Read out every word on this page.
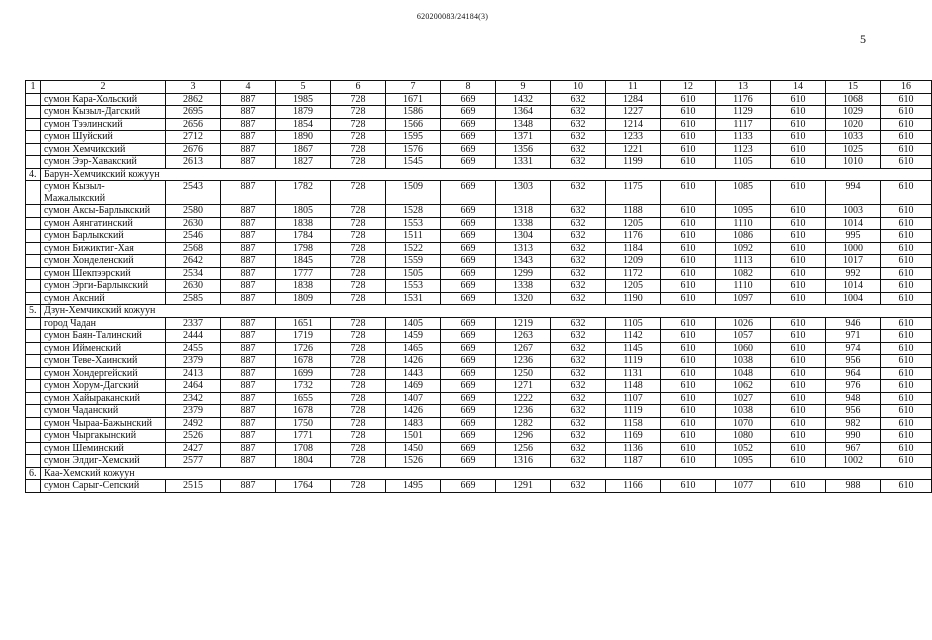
620200083/24184(3)
5
1	2	3	4	5	6	7	8	9	10	11	12	13	14	15	16
	сумон Кара-Хольский	2862	887	1985	728	1671	669	1432	632	1284	610	1176	610	1068	610
	сумон Кызыл-Дагский	2695	887	1879	728	1586	669	1364	632	1227	610	1129	610	1029	610
	сумон Тээлинский	2656	887	1854	728	1566	669	1348	632	1214	610	1117	610	1020	610
	сумон Шуйский	2712	887	1890	728	1595	669	1371	632	1233	610	1133	610	1033	610
	сумон Хемчикский	2676	887	1867	728	1576	669	1356	632	1221	610	1123	610	1025	610
	сумон Ээр-Хавакский	2613	887	1827	728	1545	669	1331	632	1199	610	1105	610	1010	610
4.	Барун-Хемчикский кожуун														
	сумон Кызыл-Мажалыкский	2543	887	1782	728	1509	669	1303	632	1175	610	1085	610	994	610
	сумон Аксы-Барлыкский	2580	887	1805	728	1528	669	1318	632	1188	610	1095	610	1003	610
	сумон Аянгатинский	2630	887	1838	728	1553	669	1338	632	1205	610	1110	610	1014	610
	сумон Барлыкский	2546	887	1784	728	1511	669	1304	632	1176	610	1086	610	995	610
	сумон Бижиктиг-Хая	2568	887	1798	728	1522	669	1313	632	1184	610	1092	610	1000	610
	сумон Хонделенский	2642	887	1845	728	1559	669	1343	632	1209	610	1113	610	1017	610
	сумон Шекпээрский	2534	887	1777	728	1505	669	1299	632	1172	610	1082	610	992	610
	сумон Эрги-Барлыкский	2630	887	1838	728	1553	669	1338	632	1205	610	1110	610	1014	610
	сумон Аксний	2585	887	1809	728	1531	669	1320	632	1190	610	1097	610	1004	610
5.	Дзун-Хемчикский кожуун														
	город Чадан	2337	887	1651	728	1405	669	1219	632	1105	610	1026	610	946	610
	сумон Баян-Талинский	2444	887	1719	728	1459	669	1263	632	1142	610	1057	610	971	610
	сумон Ийменский	2455	887	1726	728	1465	669	1267	632	1145	610	1060	610	974	610
	сумон Теве-Хаинский	2379	887	1678	728	1426	669	1236	632	1119	610	1038	610	956	610
	сумон Хондергейский	2413	887	1699	728	1443	669	1250	632	1131	610	1048	610	964	610
	сумон Хорум-Дагский	2464	887	1732	728	1469	669	1271	632	1148	610	1062	610	976	610
	сумон Хайыраканский	2342	887	1655	728	1407	669	1222	632	1107	610	1027	610	948	610
	сумон Чаданский	2379	887	1678	728	1426	669	1236	632	1119	610	1038	610	956	610
	сумон Чыраа-Бажынский	2492	887	1750	728	1483	669	1282	632	1158	610	1070	610	982	610
	сумон Чыргакынский	2526	887	1771	728	1501	669	1296	632	1169	610	1080	610	990	610
	сумон Шеминский	2427	887	1708	728	1450	669	1256	632	1136	610	1052	610	967	610
	сумон Элдиг-Хемский	2577	887	1804	728	1526	669	1316	632	1187	610	1095	610	1002	610
6.	Каа-Хемский кожуун														
	сумон Сарыг-Сепский	2515	887	1764	728	1495	669	1291	632	1166	610	1077	610	988	610
